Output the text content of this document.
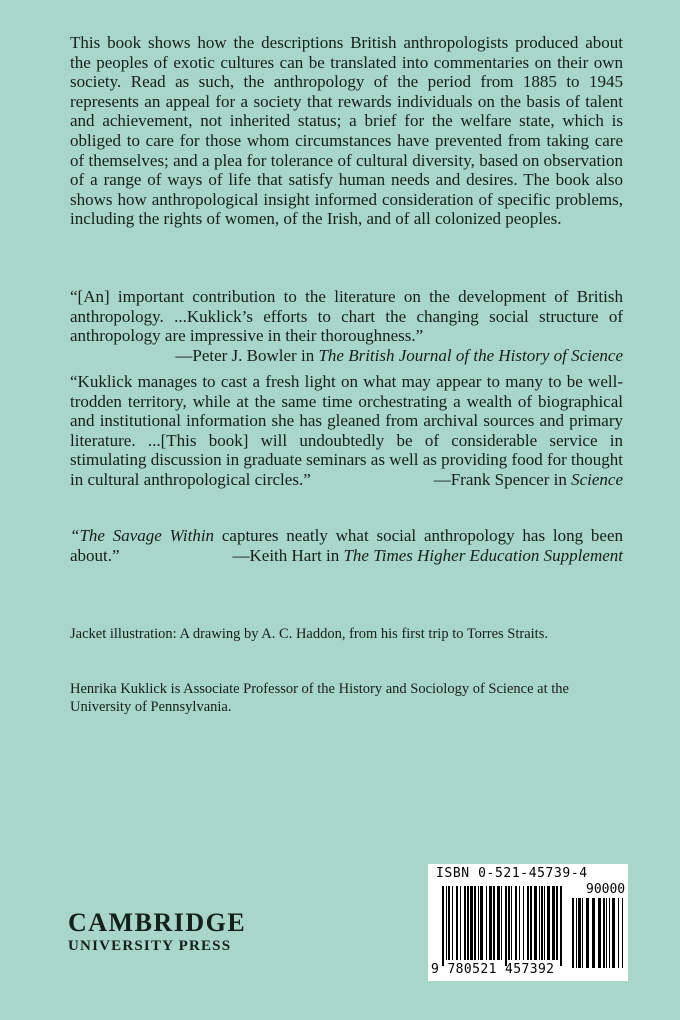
This book shows how the descriptions British anthropologists produced about the peoples of exotic cultures can be translated into commentaries on their own society. Read as such, the anthropology of the period from 1885 to 1945 represents an appeal for a society that rewards individuals on the basis of talent and achievement, not inherited status; a brief for the welfare state, which is obliged to care for those whom circumstances have prevented from taking care of themselves; and a plea for tolerance of cultural diversity, based on observation of a range of ways of life that satisfy human needs and desires. The book also shows how anthropological insight informed consideration of specific problems, including the rights of women, of the Irish, and of all colonized peoples.
“[An] important contribution to the literature on the development of British anthropology. ...Kuklick’s efforts to chart the changing social structure of anthropology are impressive in their thoroughness.”
—Peter J. Bowler in The British Journal of the History of Science
“Kuklick manages to cast a fresh light on what may appear to many to be well-trodden territory, while at the same time orchestrating a wealth of biographical and institutional information she has gleaned from archival sources and primary literature. ...[This book] will undoubtedly be of considerable service in stimulating discussion in graduate seminars as well as providing food for thought in cultural anthropological circles.”	—Frank Spencer in Science
“The Savage Within captures neatly what social anthropology has long been about.”	—Keith Hart in The Times Higher Education Supplement
Jacket illustration: A drawing by A. C. Haddon, from his first trip to Torres Straits.
Henrika Kuklick is Associate Professor of the History and Sociology of Science at the University of Pennsylvania.
CAMBRIDGE
UNIVERSITY PRESS
ISBN 0-521-45739-4
90000
9 780521 457392
